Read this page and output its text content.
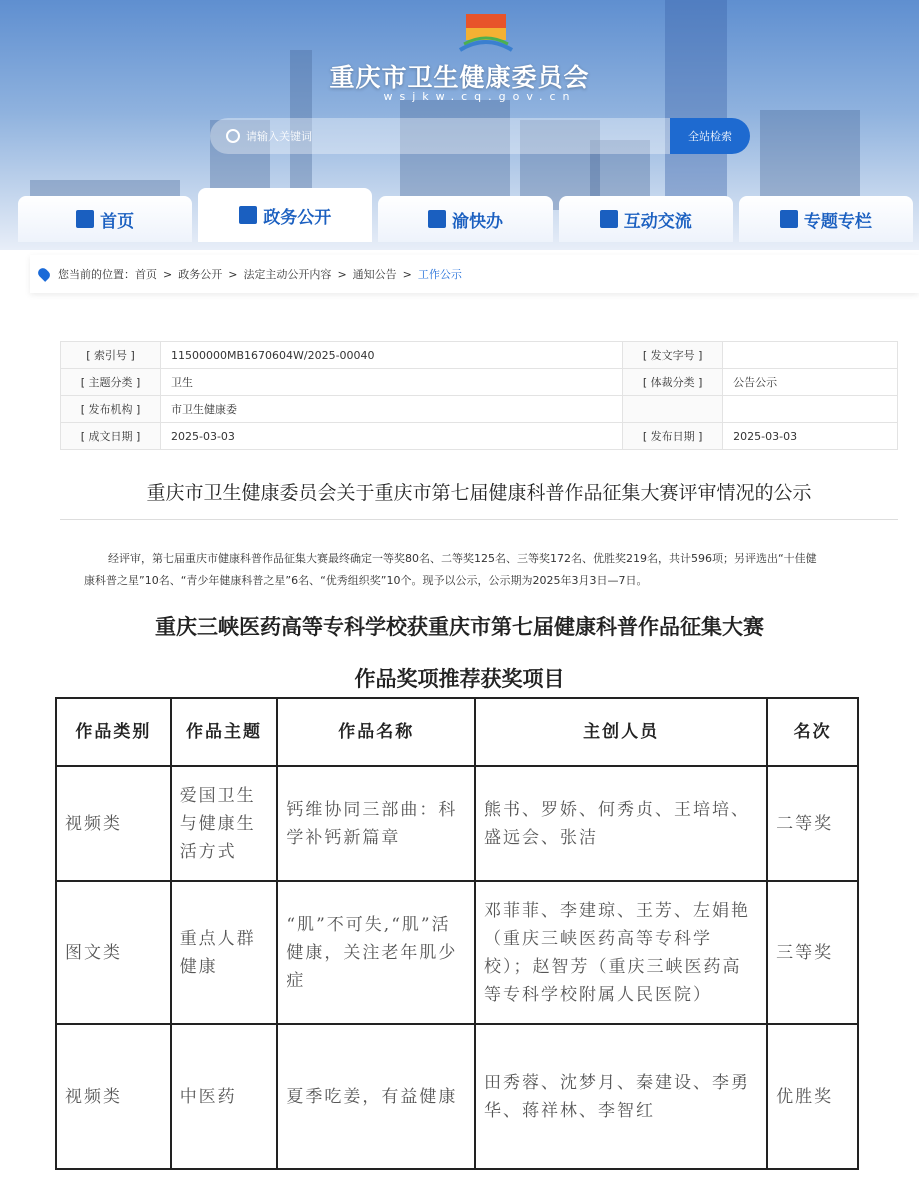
重庆市卫生健康委员会
wsjkw.cq.gov.cn
请输入关键词	全站检索
首页	政务公开	渝快办	互动交流	专题专栏
您当前的位置： 首页 > 政务公开 > 法定主动公开内容 > 通知公告 > 工作公示
[ 索引号 ]	11500000MB1670604W/2025-00040	[ 发文字号 ]	
[ 主题分类 ]	卫生	[ 体裁分类 ]	公告公示
[ 发布机构 ]	市卫生健康委		
[ 成文日期 ]	2025-03-03	[ 发布日期 ]	2025-03-03
重庆市卫生健康委员会关于重庆市第七届健康科普作品征集大赛评审情况的公示
经评审，第七届重庆市健康科普作品征集大赛最终确定一等奖80名、二等奖125名、三等奖172名、优胜奖219名，共计596项；另评选出“十佳健
康科普之星”10名、“青少年健康科普之星”6名、“优秀组织奖”10个。现予以公示，公示期为2025年3月3日—7日。
重庆三峡医药高等专科学校获重庆市第七届健康科普作品征集大赛
作品奖项推荐获奖项目
作品类别	作品主题	作品名称	主创人员	名次
视频类	爱国卫生与健康生活方式	钙维协同三部曲：科学补钙新篇章	熊书、罗娇、何秀贞、王培培、盛远会、张洁	二等奖
图文类	重点人群健康	“肌”不可失,“肌”活健康，关注老年肌少症	邓菲菲、李建琼、王芳、左娟艳（重庆三峡医药高等专科学校）；赵智芳（重庆三峡医药高等专科学校附属人民医院）	三等奖
视频类	中医药	夏季吃姜，有益健康	田秀蓉、沈梦月、秦建设、李勇华、蒋祥林、李智红	优胜奖
